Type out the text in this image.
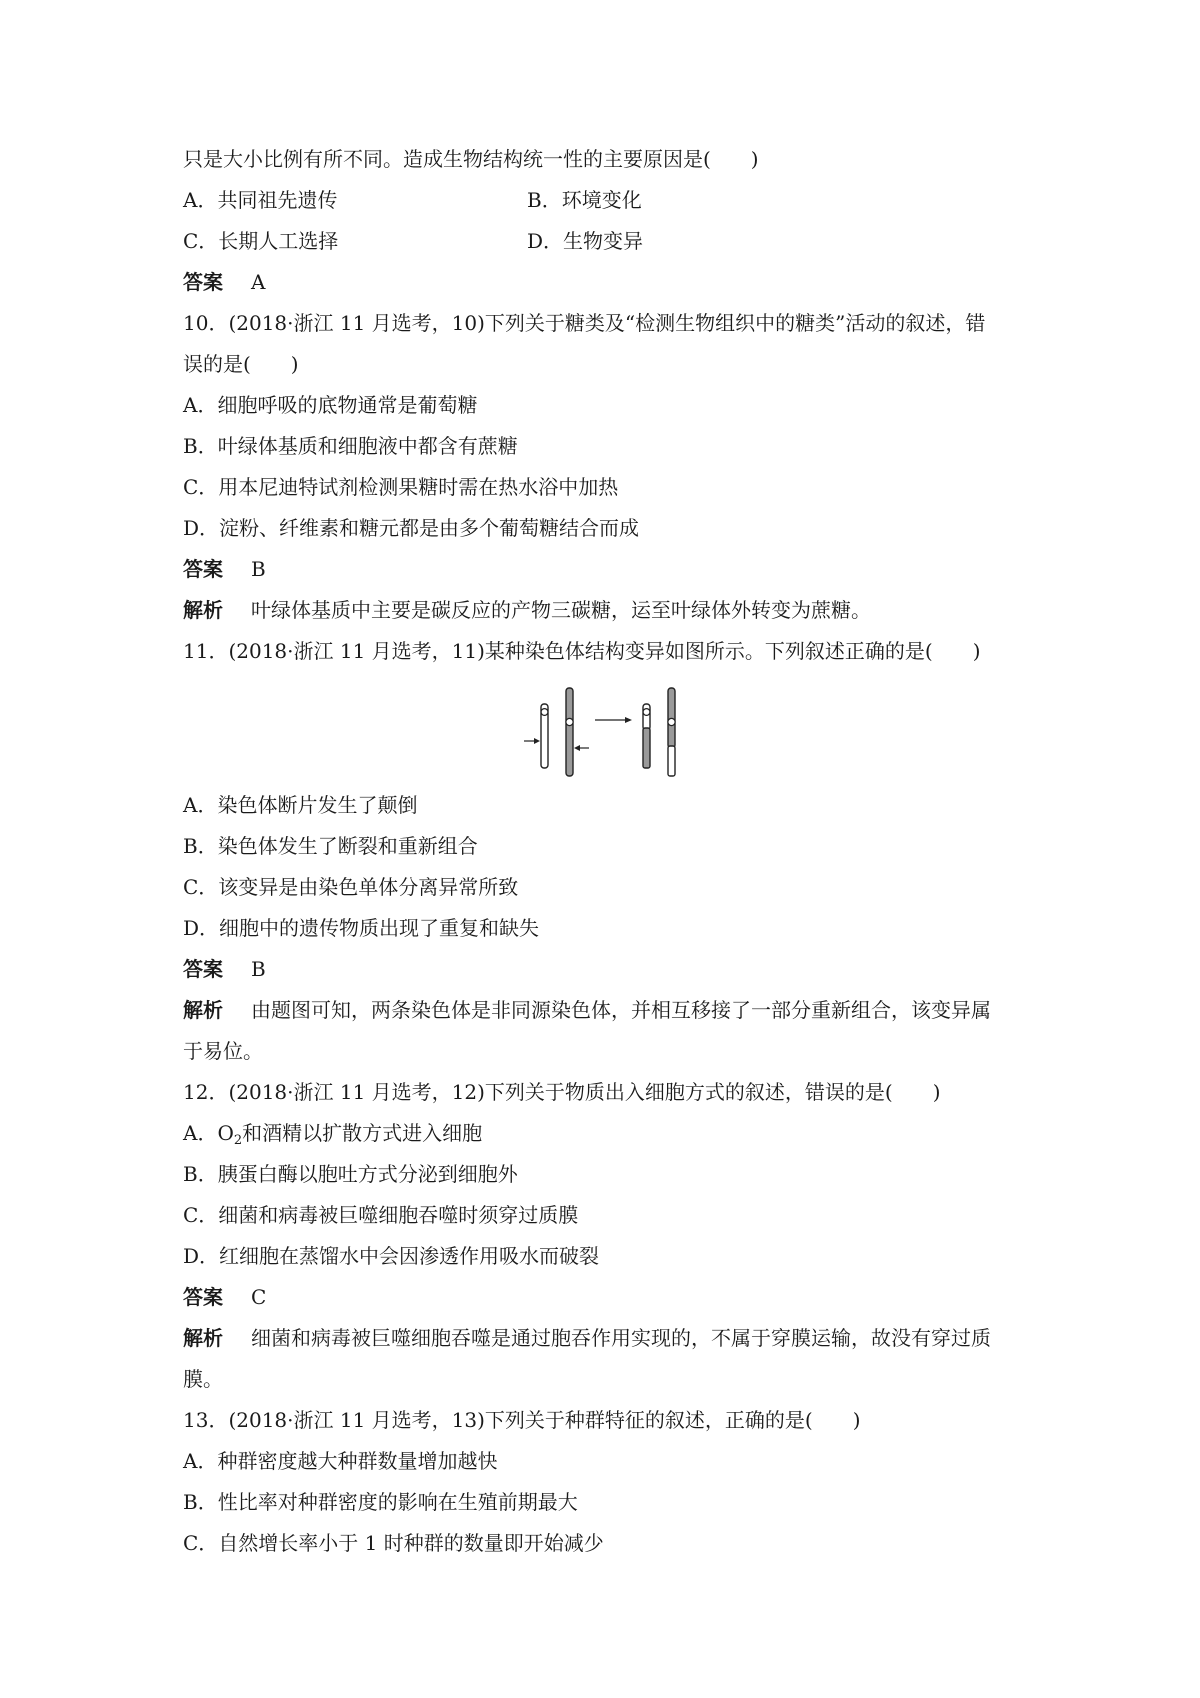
只是大小比例有所不同。造成生物结构统一性的主要原因是(　　)
A．共同祖先遗传	B．环境变化
C．长期人工选择	D．生物变异
答案 A
10．(2018·浙江 11 月选考，10)下列关于糖类及“检测生物组织中的糖类”活动的叙述，错
误的是(　　)
A．细胞呼吸的底物通常是葡萄糖
B．叶绿体基质和细胞液中都含有蔗糖
C．用本尼迪特试剂检测果糖时需在热水浴中加热
D．淀粉、纤维素和糖元都是由多个葡萄糖结合而成
答案 B
解析 叶绿体基质中主要是碳反应的产物三碳糖，运至叶绿体外转变为蔗糖。
11．(2018·浙江 11 月选考，11)某种染色体结构变异如图所示。下列叙述正确的是(　　)
A．染色体断片发生了颠倒
B．染色体发生了断裂和重新组合
C．该变异是由染色单体分离异常所致
D．细胞中的遗传物质出现了重复和缺失
答案 B
解析 由题图可知，两条染色体是非同源染色体，并相互移接了一部分重新组合，该变异属
于易位。
12．(2018·浙江 11 月选考，12)下列关于物质出入细胞方式的叙述，错误的是(　　)
A．$O_2$和酒精以扩散方式进入细胞
B．胰蛋白酶以胞吐方式分泌到细胞外
C．细菌和病毒被巨噬细胞吞噬时须穿过质膜
D．红细胞在蒸馏水中会因渗透作用吸水而破裂
答案 C
解析 细菌和病毒被巨噬细胞吞噬是通过胞吞作用实现的，不属于穿膜运输，故没有穿过质
膜。
13．(2018·浙江 11 月选考，13)下列关于种群特征的叙述，正确的是(　　)
A．种群密度越大种群数量增加越快
B．性比率对种群密度的影响在生殖前期最大
C．自然增长率小于 1 时种群的数量即开始减少
